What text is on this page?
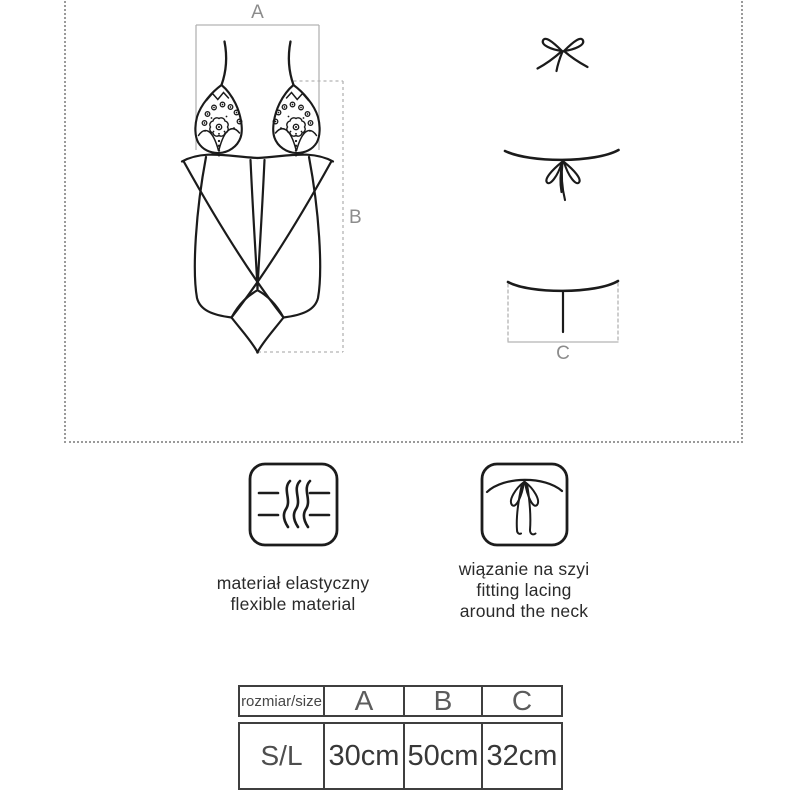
A
B
C
materiał elastyczny
flexible material
wiązanie na szyi
fitting lacing
around the neck
rozmiar/size	A	B	C
S/L 30cm 50cm 32cm
